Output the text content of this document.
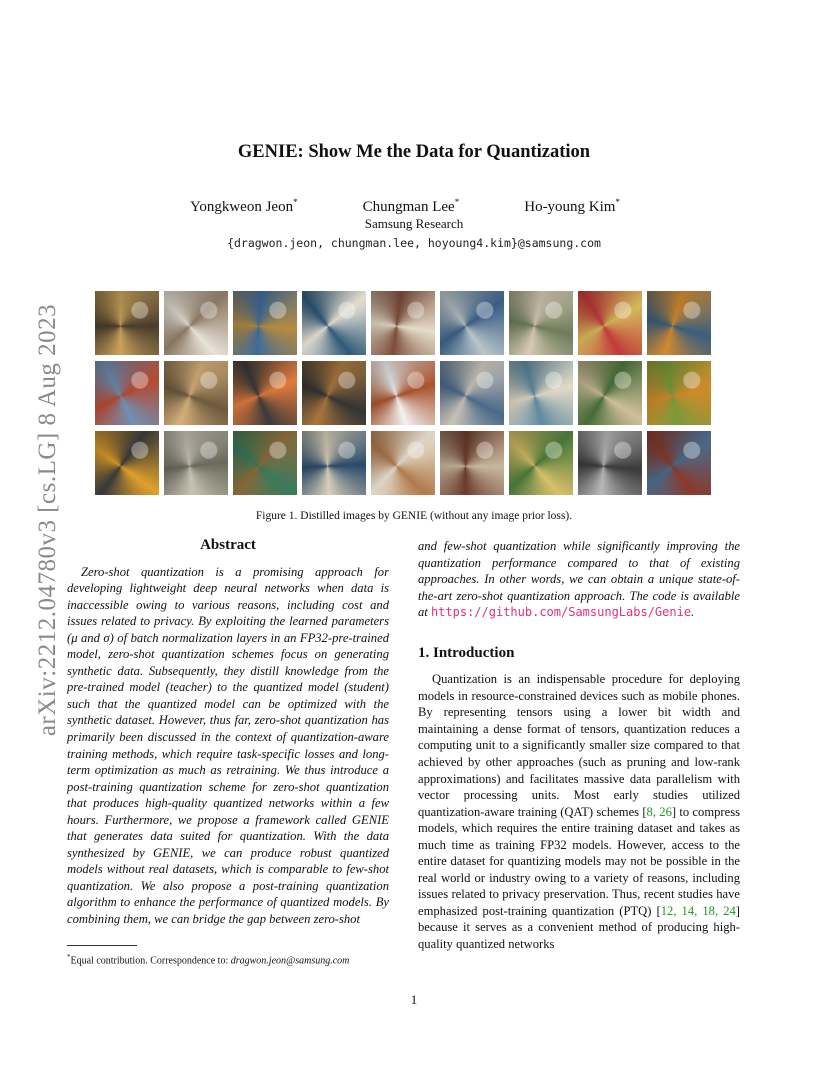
arXiv:2212.04780v3 [cs.LG] 8 Aug 2023
GENIE: Show Me the Data for Quantization
Yongkweon Jeon*	Chungman Lee*	Ho-young Kim*
Samsung Research
{dragwon.jeon, chungman.lee, hoyoung4.kim}@samsung.com
Figure 1. Distilled images by GENIE (without any image prior loss).
Abstract

Zero-shot quantization is a promising approach for developing lightweight deep neural networks when data is inaccessible owing to various reasons, including cost and issues related to privacy. By exploiting the learned parameters (μ and σ) of batch normalization layers in an FP32-pre-trained model, zero-shot quantization schemes focus on generating synthetic data. Subsequently, they distill knowledge from the pre-trained model (teacher) to the quantized model (student) such that the quantized model can be optimized with the synthetic dataset. However, thus far, zero-shot quantization has primarily been discussed in the context of quantization-aware training methods, which require task-specific losses and long-term optimization as much as retraining. We thus introduce a post-training quantization scheme for zero-shot quantization that produces high-quality quantized networks within a few hours. Furthermore, we propose a framework called GENIE that generates data suited for quantization. With the data synthesized by GENIE, we can produce robust quantized models without real datasets, which is comparable to few-shot quantization. We also propose a post-training quantization algorithm to enhance the performance of quantized models. By combining them, we can bridge the gap between zero-shot

*Equal contribution. Correspondence to: dragwon.jeon@samsung.com

and few-shot quantization while significantly improving the quantization performance compared to that of existing approaches. In other words, we can obtain a unique state-of-the-art zero-shot quantization approach. The code is available at https://github.com/SamsungLabs/Genie.

1. Introduction

Quantization is an indispensable procedure for deploying models in resource-constrained devices such as mobile phones. By representing tensors using a lower bit width and maintaining a dense format of tensors, quantization reduces a computing unit to a significantly smaller size compared to that achieved by other approaches (such as pruning and low-rank approximations) and facilitates massive data parallelism with vector processing units. Most early studies utilized quantization-aware training (QAT) schemes [8, 26] to compress models, which requires the entire training dataset and takes as much time as training FP32 models. However, access to the entire dataset for quantizing models may not be possible in the real world or industry owing to a variety of reasons, including issues related to privacy preservation. Thus, recent studies have emphasized post-training quantization (PTQ) [12, 14, 18, 24] because it serves as a convenient method of producing high-quality quantized networks

1
